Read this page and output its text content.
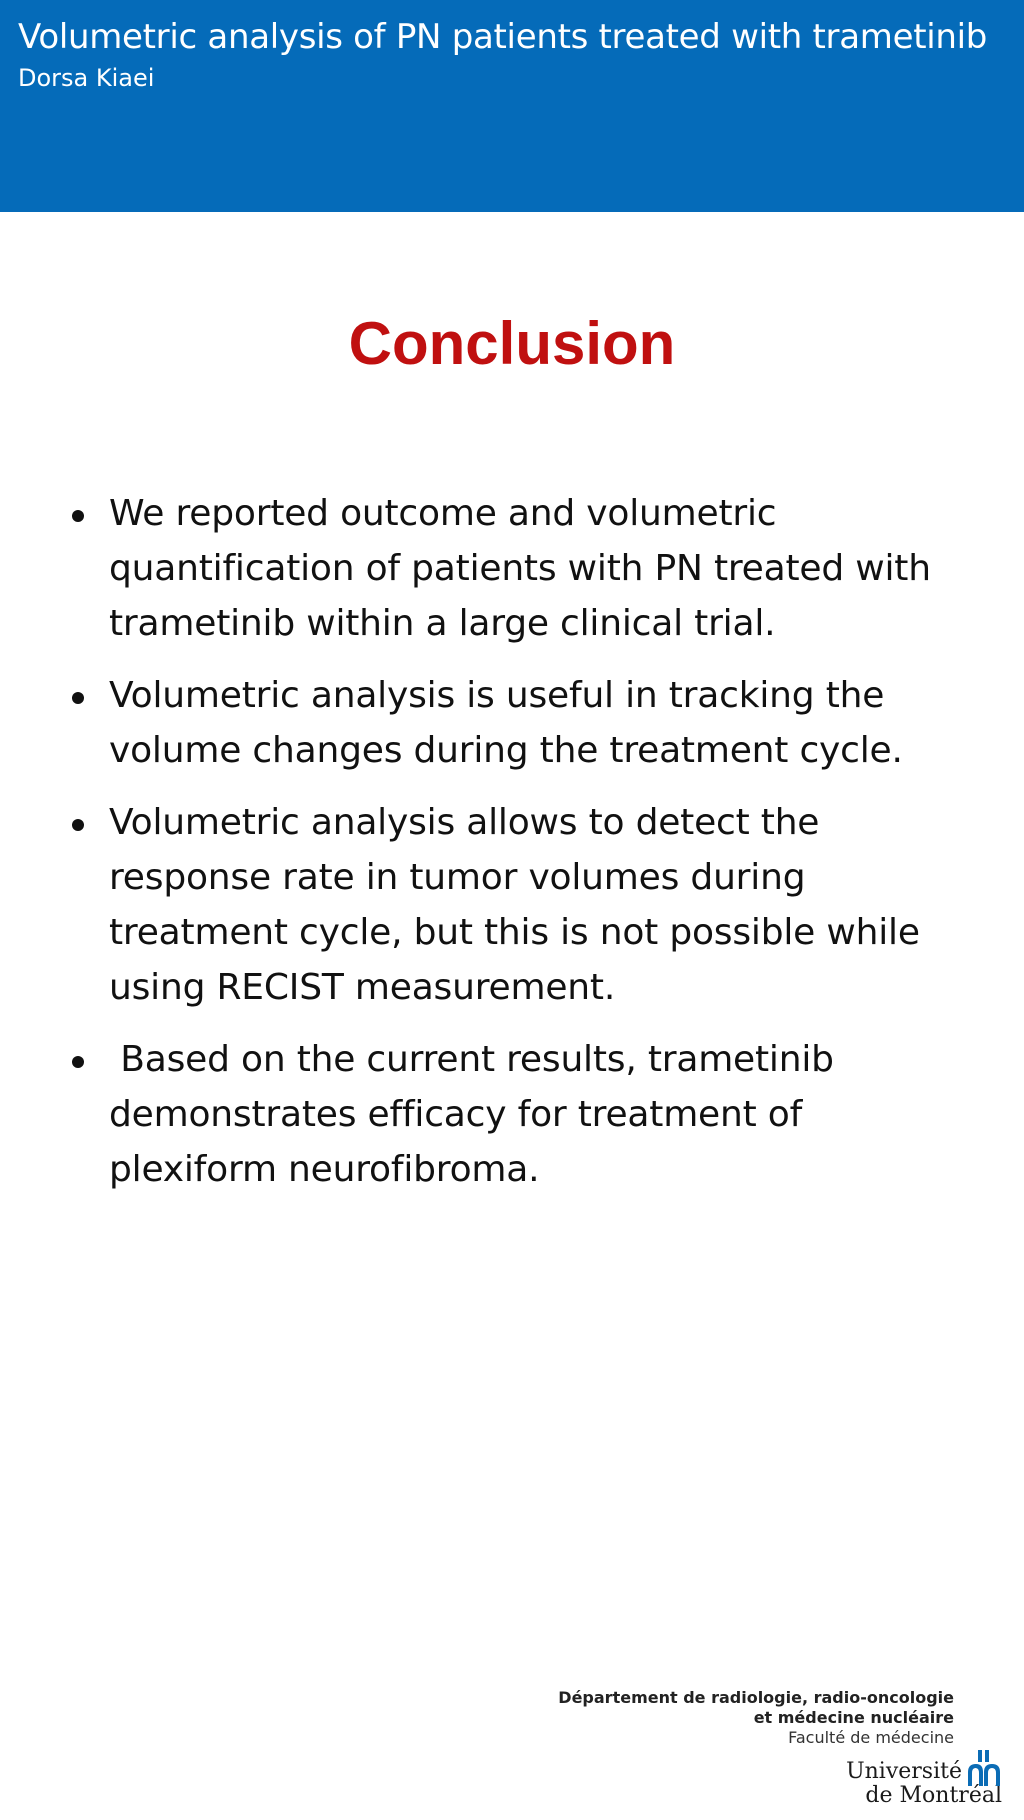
Volumetric analysis of PN patients treated with trametinib
Dorsa Kiaei
Conclusion
We reported outcome and volumetric quantification of patients with PN treated with trametinib within a large clinical trial.
Volumetric analysis is useful in tracking the volume changes during the treatment cycle.
Volumetric analysis allows to detect the response rate in tumor volumes during treatment cycle, but this is not possible while using RECIST measurement.
Based on the current results, trametinib demonstrates efficacy for treatment of plexiform neurofibroma.
Département de radiologie, radio-oncologie
et médecine nucléaire
Faculté de médecine
Université
de Montréal
